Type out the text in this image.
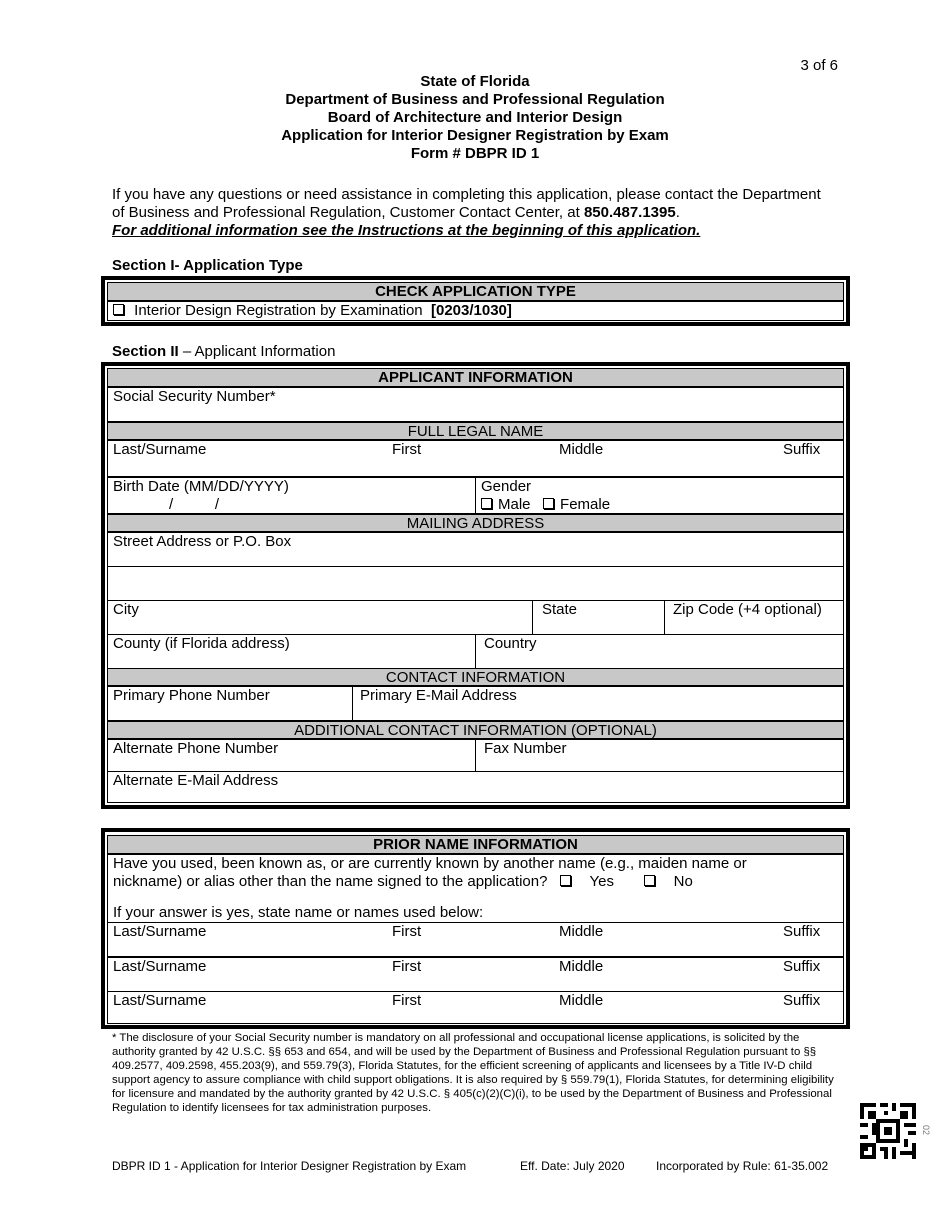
3 of 6
State of Florida
Department of Business and Professional Regulation
Board of Architecture and Interior Design
Application for Interior Designer Registration by Exam
Form # DBPR ID 1
If you have any questions or need assistance in completing this application, please contact the Department of Business and Professional Regulation, Customer Contact Center, at 850.487.1395.
For additional information see the Instructions at the beginning of this application.
Section I- Application Type
CHECK APPLICATION TYPE
Interior Design Registration by Examination [0203/1030]
Section II – Applicant Information
APPLICANT INFORMATION
Social Security Number*
FULL LEGAL NAME
Last/Surname	First	Middle	Suffix
Birth Date (MM/DD/YYYY)
/          /
Gender
Male Female
MAILING ADDRESS
Street Address or P.O. Box
City	State	Zip Code (+4 optional)
County (if Florida address)	Country
CONTACT INFORMATION
Primary Phone Number	Primary E-Mail Address
ADDITIONAL CONTACT INFORMATION (OPTIONAL)
Alternate Phone Number	Fax Number
Alternate E-Mail Address
PRIOR NAME INFORMATION
Have you used, been known as, or are currently known by another name (e.g., maiden name or
nickname) or alias other than the name signed to the application?	Yes	No
If your answer is yes, state name or names used below:
Last/Surname	First	Middle	Suffix
Last/Surname	First	Middle	Suffix
Last/Surname	First	Middle	Suffix
* The disclosure of your Social Security number is mandatory on all professional and occupational license applications, is solicited by the authority granted by 42 U.S.C. §§ 653 and 654, and will be used by the Department of Business and Professional Regulation pursuant to §§ 409.2577, 409.2598, 455.203(9), and 559.79(3), Florida Statutes, for the efficient screening of applicants and licensees by a Title IV-D child support agency to assure compliance with child support obligations. It is also required by § 559.79(1), Florida Statutes, for determining eligibility for licensure and mandated by the authority granted by 42 U.S.C. § 405(c)(2)(C)(i), to be used by the Department of Business and Professional Regulation to identify licensees for tax administration purposes.
02
DBPR ID 1 - Application for Interior Designer Registration by Exam	Eff. Date: July 2020	Incorporated by Rule: 61-35.002
